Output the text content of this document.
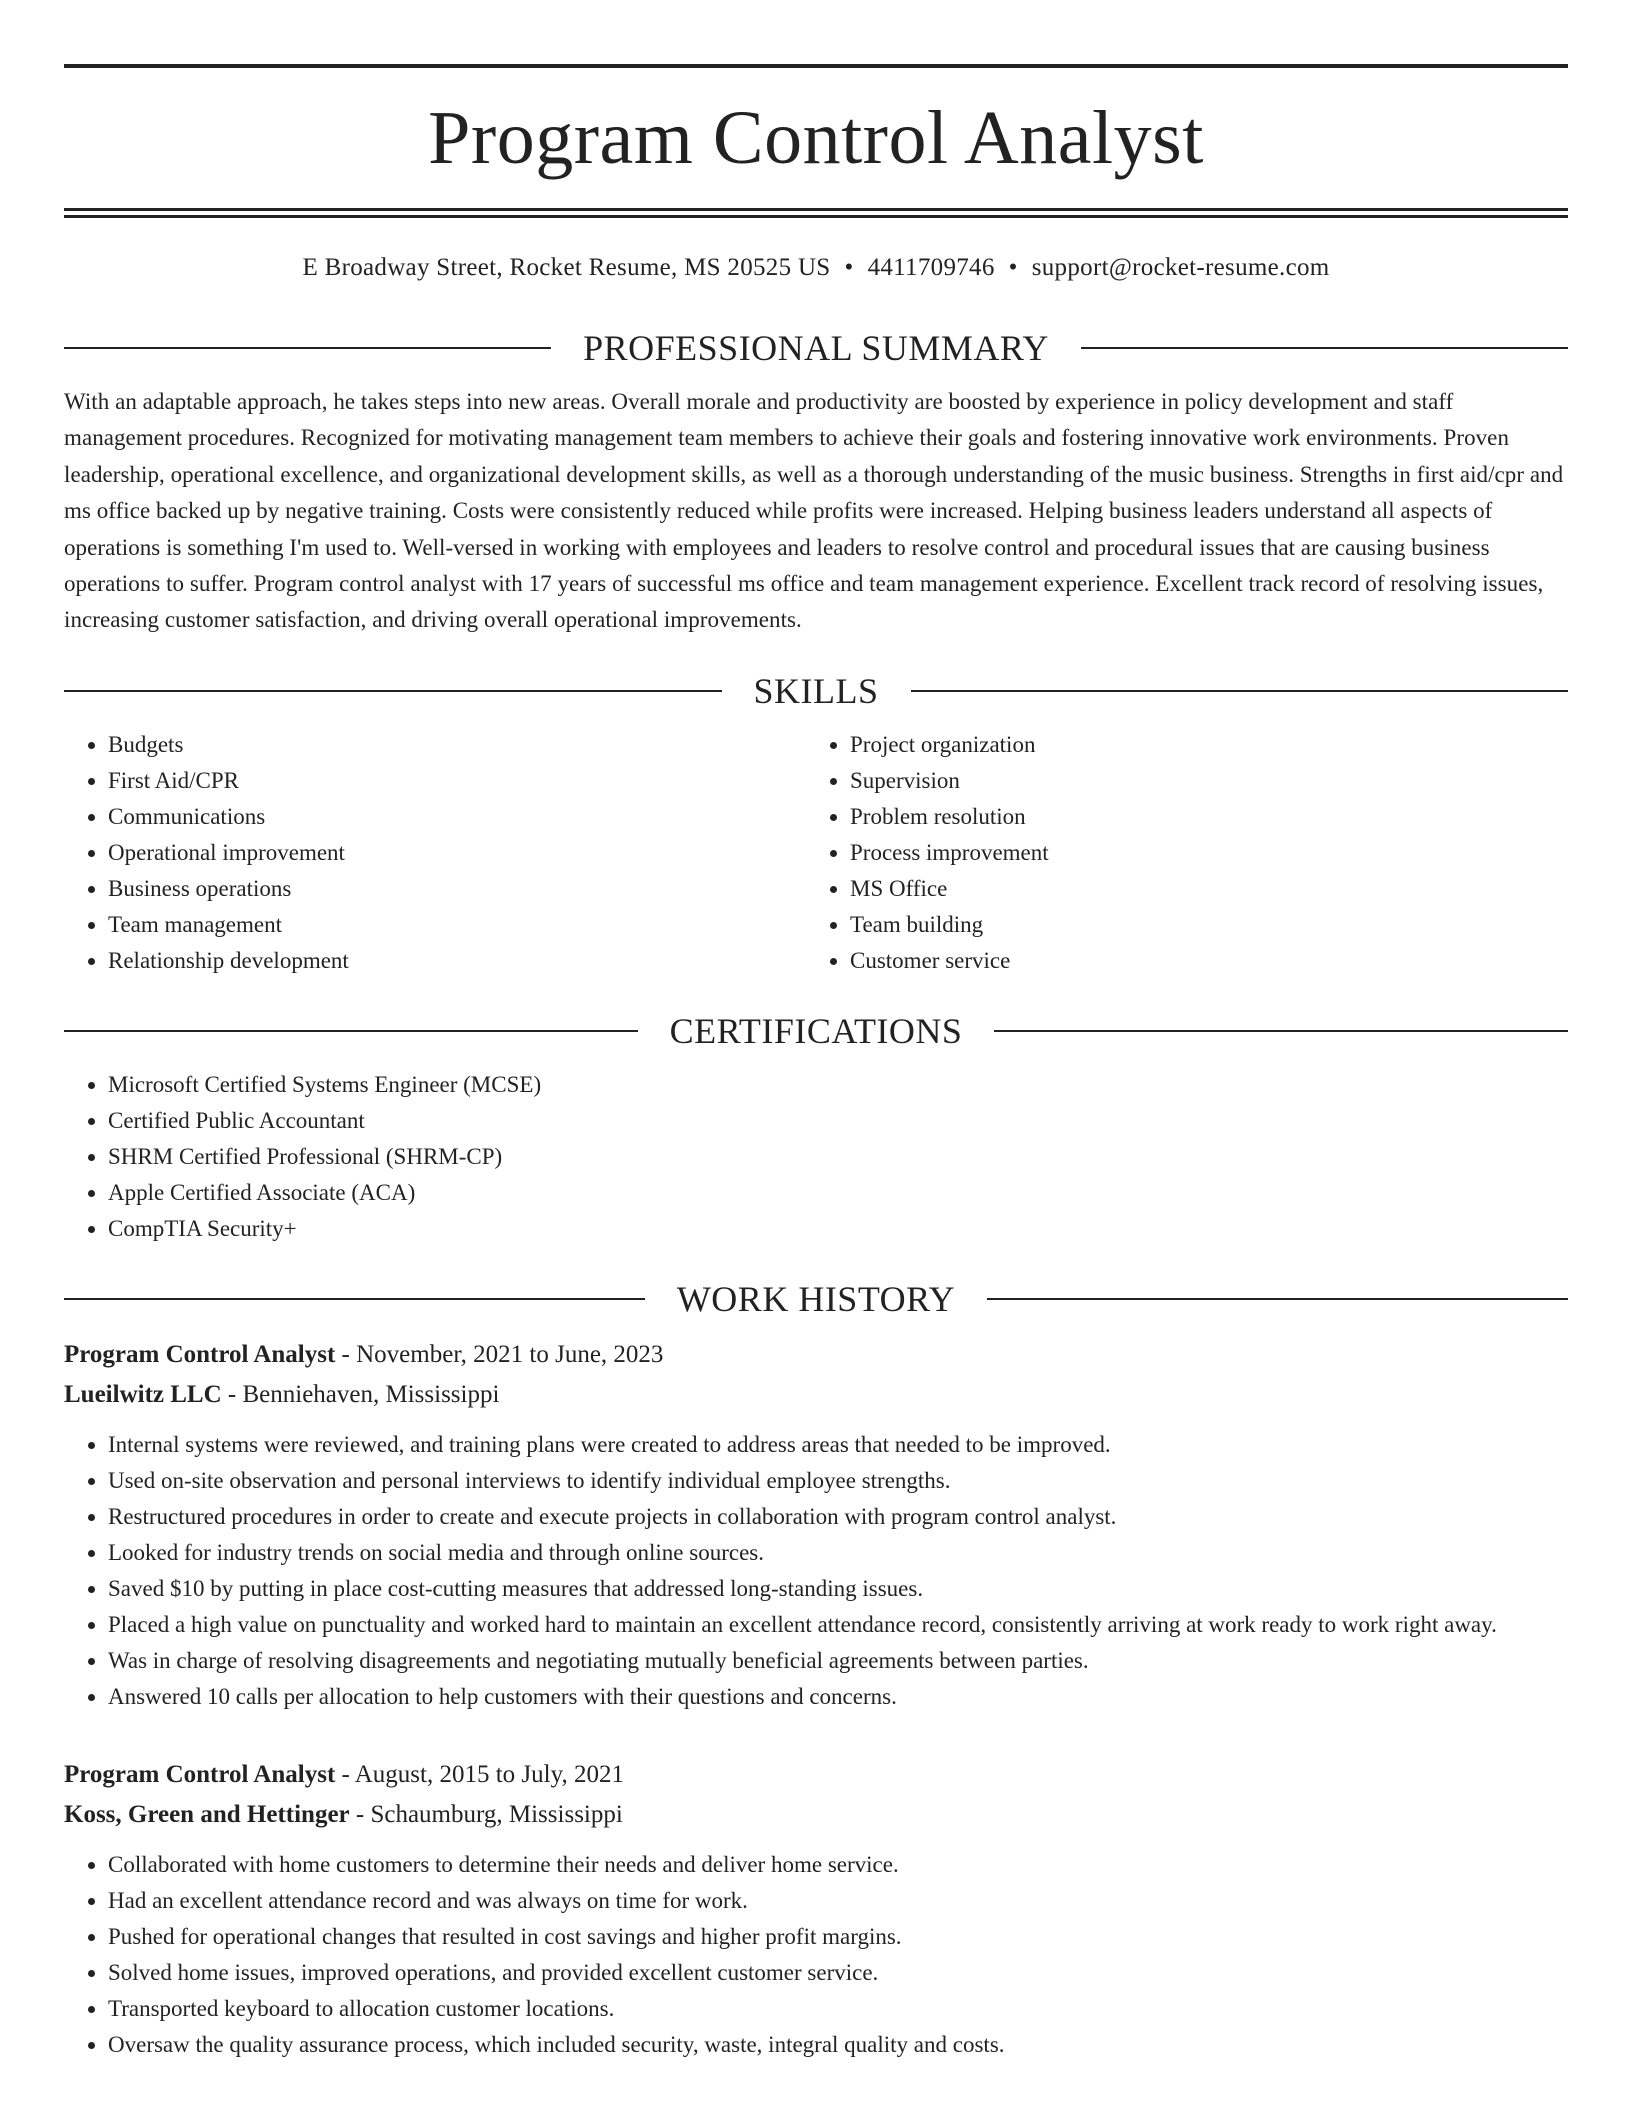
Program Control Analyst
E Broadway Street, Rocket Resume, MS 20525 US • 4411709746 • support@rocket-resume.com
PROFESSIONAL SUMMARY

With an adaptable approach, he takes steps into new areas. Overall morale and productivity are boosted by experience in policy development and staff management procedures. Recognized for motivating management team members to achieve their goals and fostering innovative work environments. Proven leadership, operational excellence, and organizational development skills, as well as a thorough understanding of the music business. Strengths in first aid/cpr and ms office backed up by negative training. Costs were consistently reduced while profits were increased. Helping business leaders understand all aspects of operations is something I'm used to. Well-versed in working with employees and leaders to resolve control and procedural issues that are causing business operations to suffer. Program control analyst with 17 years of successful ms office and team management experience. Excellent track record of resolving issues, increasing customer satisfaction, and driving overall operational improvements.

SKILLS
• Budgets
• First Aid/CPR
• Communications
• Operational improvement
• Business operations
• Team management
• Relationship development
• Project organization
• Supervision
• Problem resolution
• Process improvement
• MS Office
• Team building
• Customer service
CERTIFICATIONS
• Microsoft Certified Systems Engineer (MCSE)
• Certified Public Accountant
• SHRM Certified Professional (SHRM-CP)
• Apple Certified Associate (ACA)
• CompTIA Security+
WORK HISTORY
Program Control Analyst - November, 2021 to June, 2023
Lueilwitz LLC - Benniehaven, Mississippi
• Internal systems were reviewed, and training plans were created to address areas that needed to be improved.
• Used on-site observation and personal interviews to identify individual employee strengths.
• Restructured procedures in order to create and execute projects in collaboration with program control analyst.
• Looked for industry trends on social media and through online sources.
• Saved $10 by putting in place cost-cutting measures that addressed long-standing issues.
• Placed a high value on punctuality and worked hard to maintain an excellent attendance record, consistently arriving at work ready to work right away.
• Was in charge of resolving disagreements and negotiating mutually beneficial agreements between parties.
• Answered 10 calls per allocation to help customers with their questions and concerns.
Program Control Analyst - August, 2015 to July, 2021
Koss, Green and Hettinger - Schaumburg, Mississippi
• Collaborated with home customers to determine their needs and deliver home service.
• Had an excellent attendance record and was always on time for work.
• Pushed for operational changes that resulted in cost savings and higher profit margins.
• Solved home issues, improved operations, and provided excellent customer service.
• Transported keyboard to allocation customer locations.
• Oversaw the quality assurance process, which included security, waste, integral quality and costs.
